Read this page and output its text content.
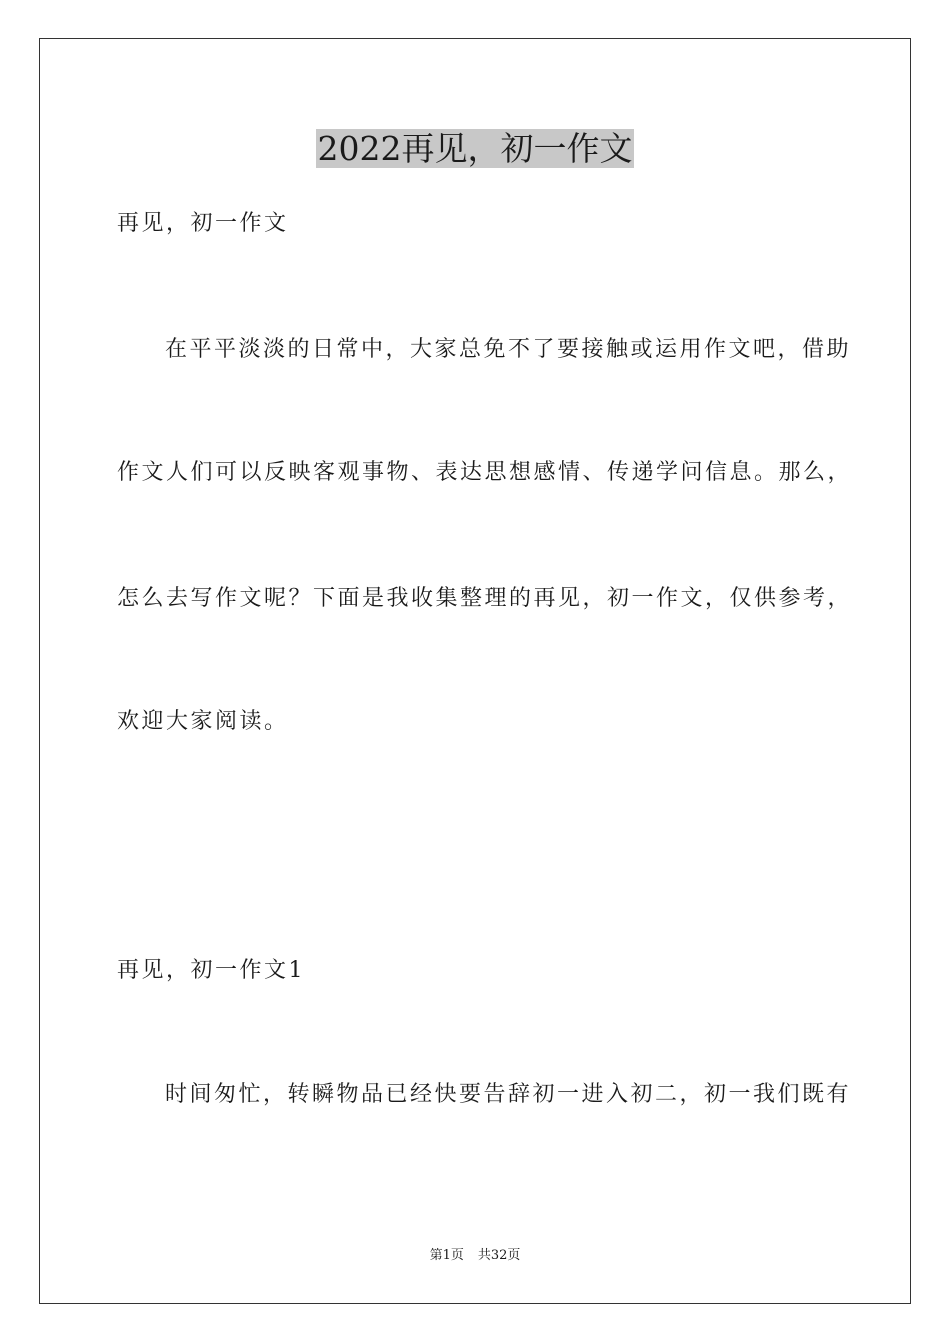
2022再见，初一作文
再见，初一作文
在平平淡淡的日常中，大家总免不了要接触或运用作文吧，借助
作文人们可以反映客观事物、表达思想感情、传递学问信息。那么，
怎么去写作文呢？下面是我收集整理的再见，初一作文，仅供参考，
欢迎大家阅读。
再见，初一作文1
时间匆忙，转瞬物品已经快要告辞初一进入初二，初一我们既有
第1页 共32页
